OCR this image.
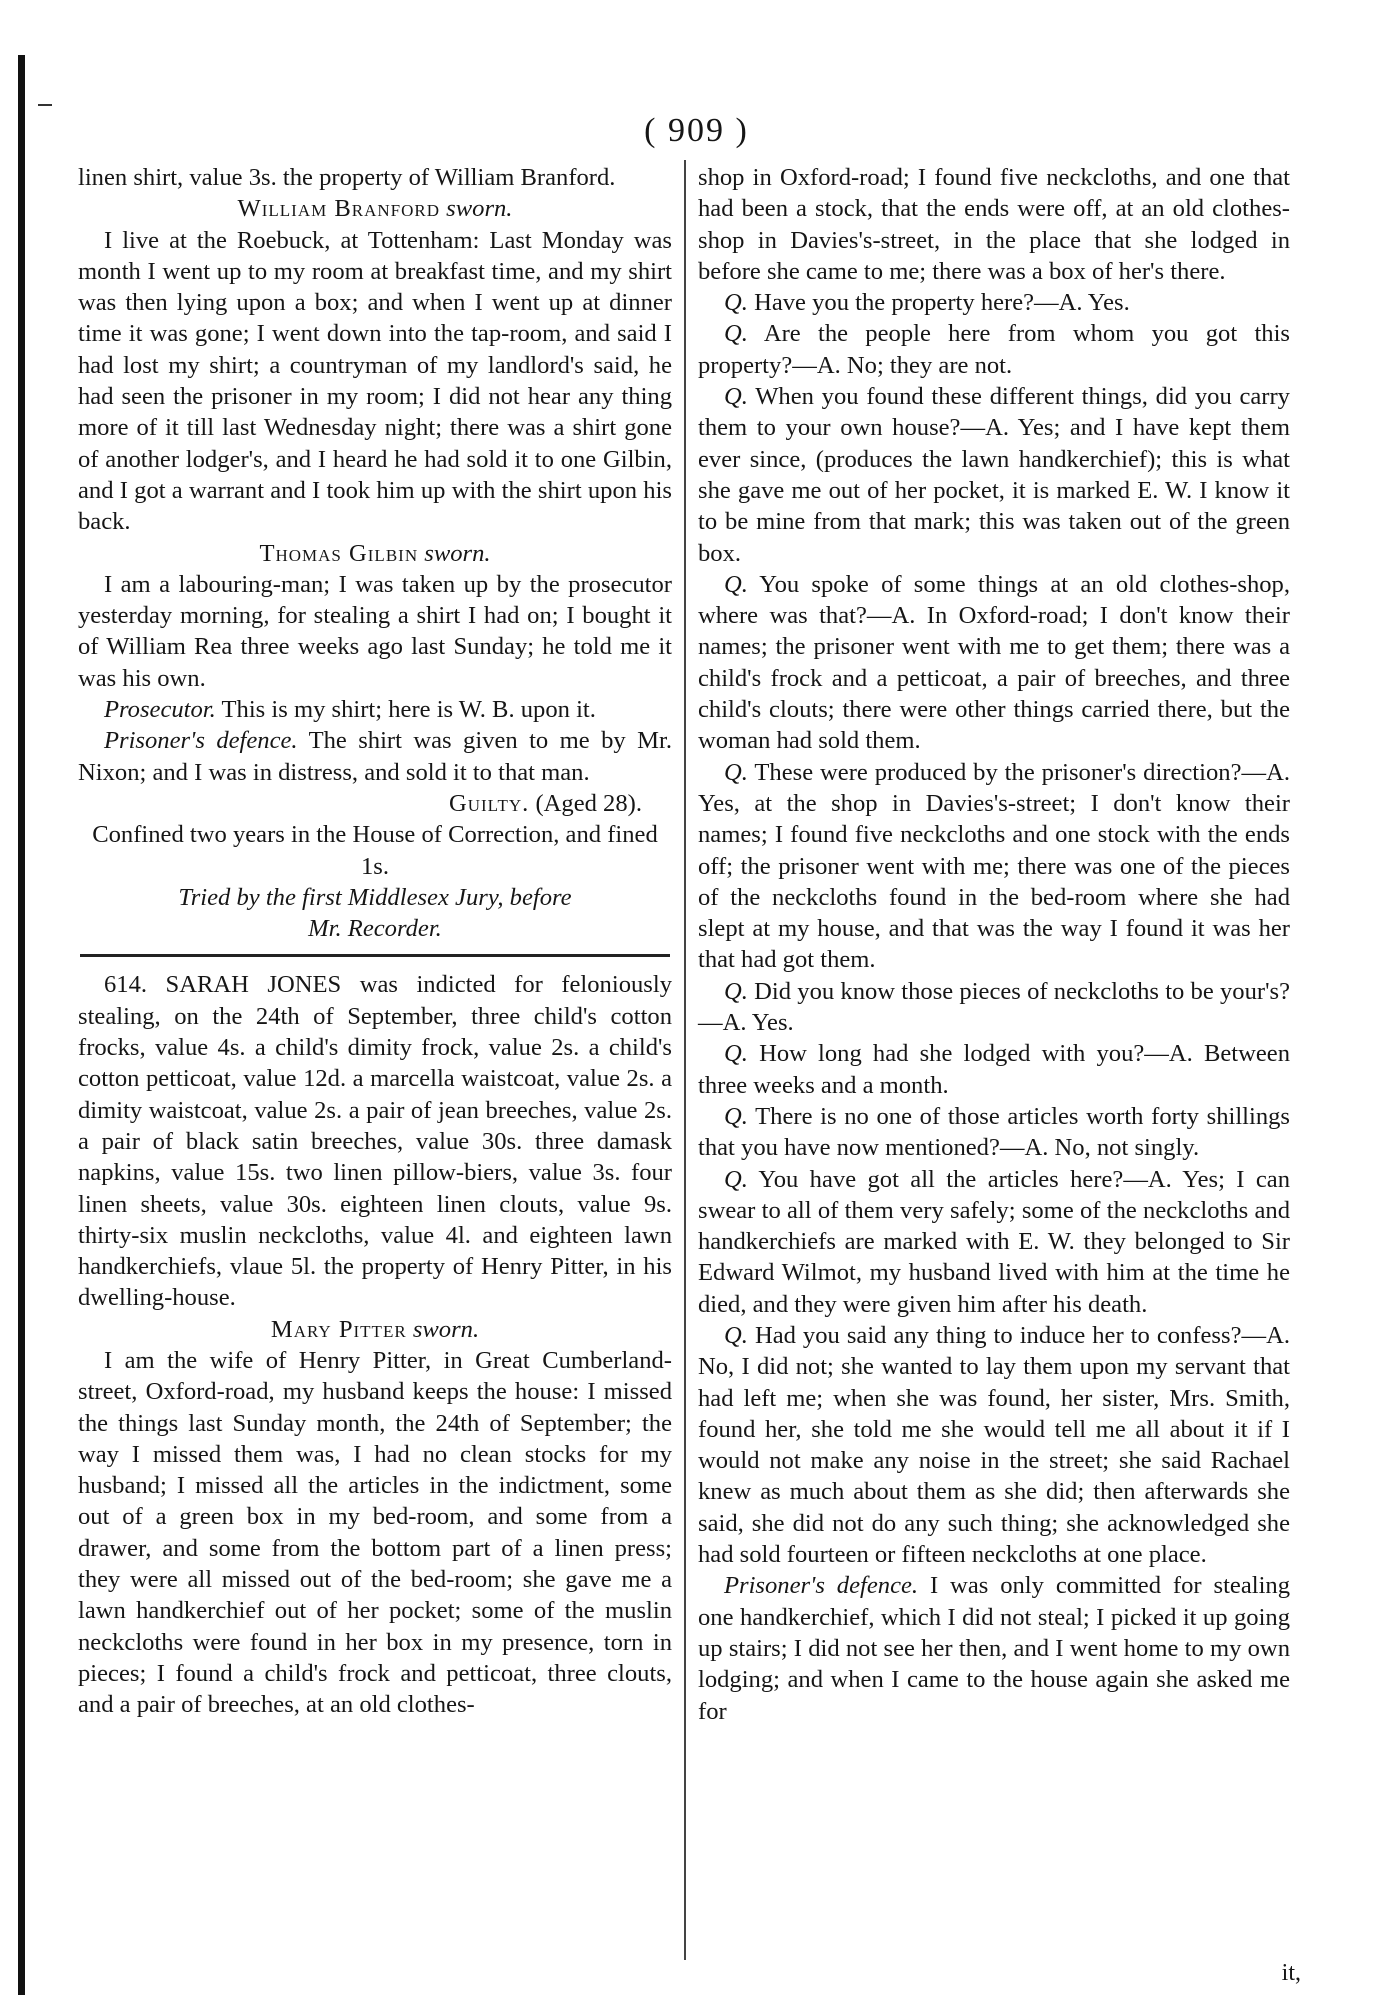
( 909 )

linen shirt, value 3s. the property of William Branford.

William Branford sworn.

I live at the Roebuck, at Tottenham: Last Monday was month I went up to my room at breakfast time, and my shirt was then lying upon a box; and when I went up at dinner time it was gone; I went down into the tap-room, and said I had lost my shirt; a countryman of my landlord's said, he had seen the prisoner in my room; I did not hear any thing more of it till last Wednesday night; there was a shirt gone of another lodger's, and I heard he had sold it to one Gilbin, and I got a warrant and I took him up with the shirt upon his back.

Thomas Gilbin sworn.

I am a labouring-man; I was taken up by the prosecutor yesterday morning, for stealing a shirt I had on; I bought it of William Rea three weeks ago last Sunday; he told me it was his own.

Prosecutor. This is my shirt; here is W. B. upon it.

Prisoner's defence. The shirt was given to me by Mr. Nixon; and I was in distress, and sold it to that man.

Guilty. (Aged 28).

Confined two years in the House of Correction, and fined 1s.

Tried by the first Middlesex Jury, before

Mr. Recorder.

614. SARAH JONES was indicted for feloniously stealing, on the 24th of September, three child's cotton frocks, value 4s. a child's dimity frock, value 2s. a child's cotton petticoat, value 12d. a marcella waistcoat, value 2s. a dimity waistcoat, value 2s. a pair of jean breeches, value 2s. a pair of black satin breeches, value 30s. three damask napkins, value 15s. two linen pillow-biers, value 3s. four linen sheets, value 30s. eighteen linen clouts, value 9s. thirty-six muslin neckcloths, value 4l. and eighteen lawn handkerchiefs, vlaue 5l. the property of Henry Pitter, in his dwelling-house.

Mary Pitter sworn.

I am the wife of Henry Pitter, in Great Cumberland-street, Oxford-road, my husband keeps the house: I missed the things last Sunday month, the 24th of September; the way I missed them was, I had no clean stocks for my husband; I missed all the articles in the indictment, some out of a green box in my bed-room, and some from a drawer, and some from the bottom part of a linen press; they were all missed out of the bed-room; she gave me a lawn handkerchief out of her pocket; some of the muslin neckcloths were found in her box in my presence, torn in pieces; I found a child's frock and petticoat, three clouts, and a pair of breeches, at an old clothes-

shop in Oxford-road; I found five neckcloths, and one that had been a stock, that the ends were off, at an old clothes-shop in Davies's-street, in the place that she lodged in before she came to me; there was a box of her's there.

Q. Have you the property here?—A. Yes.

Q. Are the people here from whom you got this property?—A. No; they are not.

Q. When you found these different things, did you carry them to your own house?—A. Yes; and I have kept them ever since, (produces the lawn handkerchief); this is what she gave me out of her pocket, it is marked E. W. I know it to be mine from that mark; this was taken out of the green box.

Q. You spoke of some things at an old clothes-shop, where was that?—A. In Oxford-road; I don't know their names; the prisoner went with me to get them; there was a child's frock and a petticoat, a pair of breeches, and three child's clouts; there were other things carried there, but the woman had sold them.

Q. These were produced by the prisoner's direction?—A. Yes, at the shop in Davies's-street; I don't know their names; I found five neckcloths and one stock with the ends off; the prisoner went with me; there was one of the pieces of the neckcloths found in the bed-room where she had slept at my house, and that was the way I found it was her that had got them.

Q. Did you know those pieces of neckcloths to be your's?—A. Yes.

Q. How long had she lodged with you?—A. Between three weeks and a month.

Q. There is no one of those articles worth forty shillings that you have now mentioned?—A. No, not singly.

Q. You have got all the articles here?—A. Yes; I can swear to all of them very safely; some of the neckcloths and handkerchiefs are marked with E. W. they belonged to Sir Edward Wilmot, my husband lived with him at the time he died, and they were given him after his death.

Q. Had you said any thing to induce her to confess?—A. No, I did not; she wanted to lay them upon my servant that had left me; when she was found, her sister, Mrs. Smith, found her, she told me she would tell me all about it if I would not make any noise in the street; she said Rachael knew as much about them as she did; then afterwards she said, she did not do any such thing; she acknowledged she had sold fourteen or fifteen neckcloths at one place.

Prisoner's defence. I was only committed for stealing one handkerchief, which I did not steal; I picked it up going up stairs; I did not see her then, and I went home to my own lodging; and when I came to the house again she asked me for

it,
